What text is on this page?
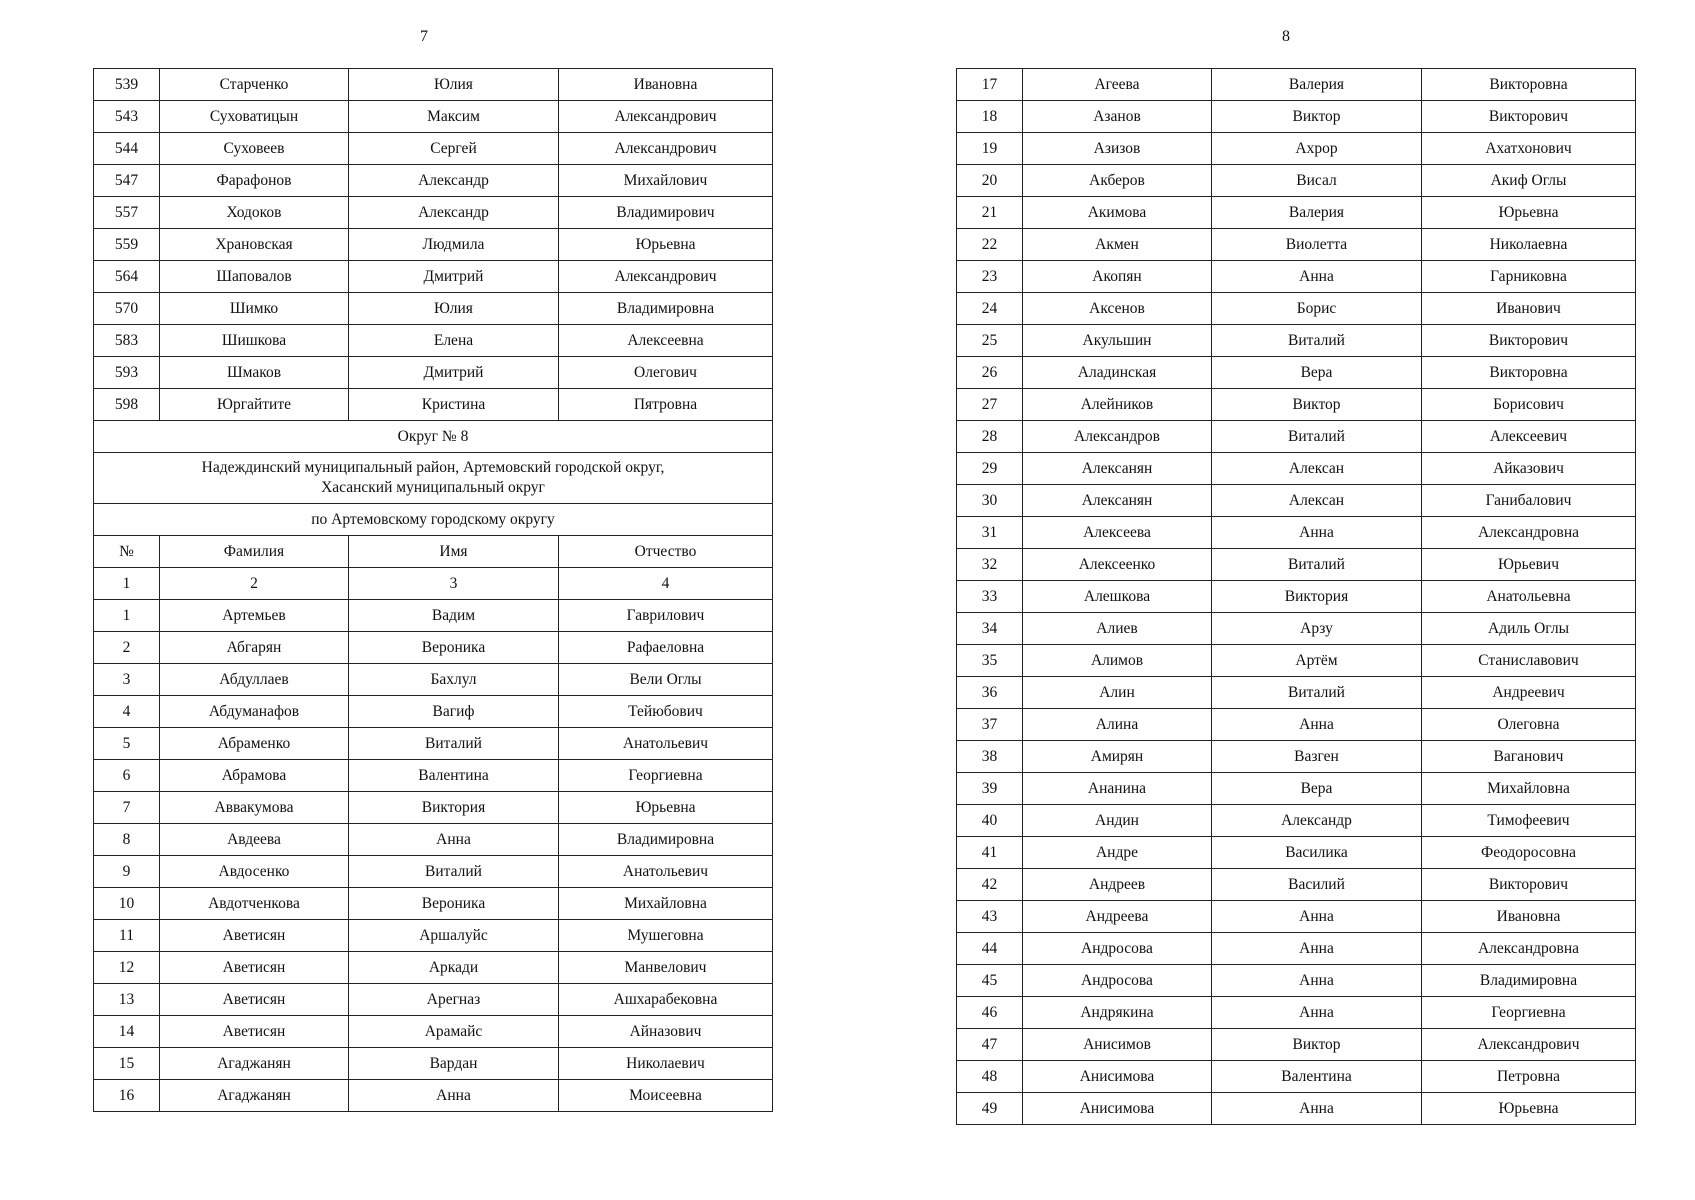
7	8
539	Старченко	Юлия	Ивановна
543	Суховатицын	Максим	Александрович
544	Суховеев	Сергей	Александрович
547	Фарафонов	Александр	Михайлович
557	Ходоков	Александр	Владимирович
559	Храновская	Людмила	Юрьевна
564	Шаповалов	Дмитрий	Александрович
570	Шимко	Юлия	Владимировна
583	Шишкова	Елена	Алексеевна
593	Шмаков	Дмитрий	Олегович
598	Юргайтите	Кристина	Пятровна
Округ № 8			
Надеждинский муниципальный район, Артемовский городской округ,
Хасанский муниципальный округ			
по Артемовскому городскому округу			
№	Фамилия	Имя	Отчество
1	2	3	4
1	Артемьев	Вадим	Гаврилович
2	Абгарян	Вероника	Рафаеловна
3	Абдуллаев	Бахлул	Вели Оглы
4	Абдуманафов	Вагиф	Тейюбович
5	Абраменко	Виталий	Анатольевич
6	Абрамова	Валентина	Георгиевна
7	Аввакумова	Виктория	Юрьевна
8	Авдеева	Анна	Владимировна
9	Авдосенко	Виталий	Анатольевич
10	Авдотченкова	Вероника	Михайловна
11	Аветисян	Аршалуйс	Мушеговна
12	Аветисян	Аркади	Манвелович
13	Аветисян	Арегназ	Ашхарабековна
14	Аветисян	Арамайс	Айназович
15	Агаджанян	Вардан	Николаевич
16	Агаджанян	Анна	Моисеевна
17	Агеева	Валерия	Викторовна
18	Азанов	Виктор	Викторович
19	Азизов	Ахрор	Ахатхонович
20	Акберов	Висал	Акиф Оглы
21	Акимова	Валерия	Юрьевна
22	Акмен	Виолетта	Николаевна
23	Акопян	Анна	Гарниковна
24	Аксенов	Борис	Иванович
25	Акульшин	Виталий	Викторович
26	Аладинская	Вера	Викторовна
27	Алейников	Виктор	Борисович
28	Александров	Виталий	Алексеевич
29	Алексанян	Алексан	Айказович
30	Алексанян	Алексан	Ганибалович
31	Алексеева	Анна	Александровна
32	Алексеенко	Виталий	Юрьевич
33	Алешкова	Виктория	Анатольевна
34	Алиев	Арзу	Адиль Оглы
35	Алимов	Артём	Станиславович
36	Алин	Виталий	Андреевич
37	Алина	Анна	Олеговна
38	Амирян	Вазген	Ваганович
39	Ананина	Вера	Михайловна
40	Андин	Александр	Тимофеевич
41	Андре	Василика	Феодоросовна
42	Андреев	Василий	Викторович
43	Андреева	Анна	Ивановна
44	Андросова	Анна	Александровна
45	Андросова	Анна	Владимировна
46	Андрякина	Анна	Георгиевна
47	Анисимов	Виктор	Александрович
48	Анисимова	Валентина	Петровна
49	Анисимова	Анна	Юрьевна
